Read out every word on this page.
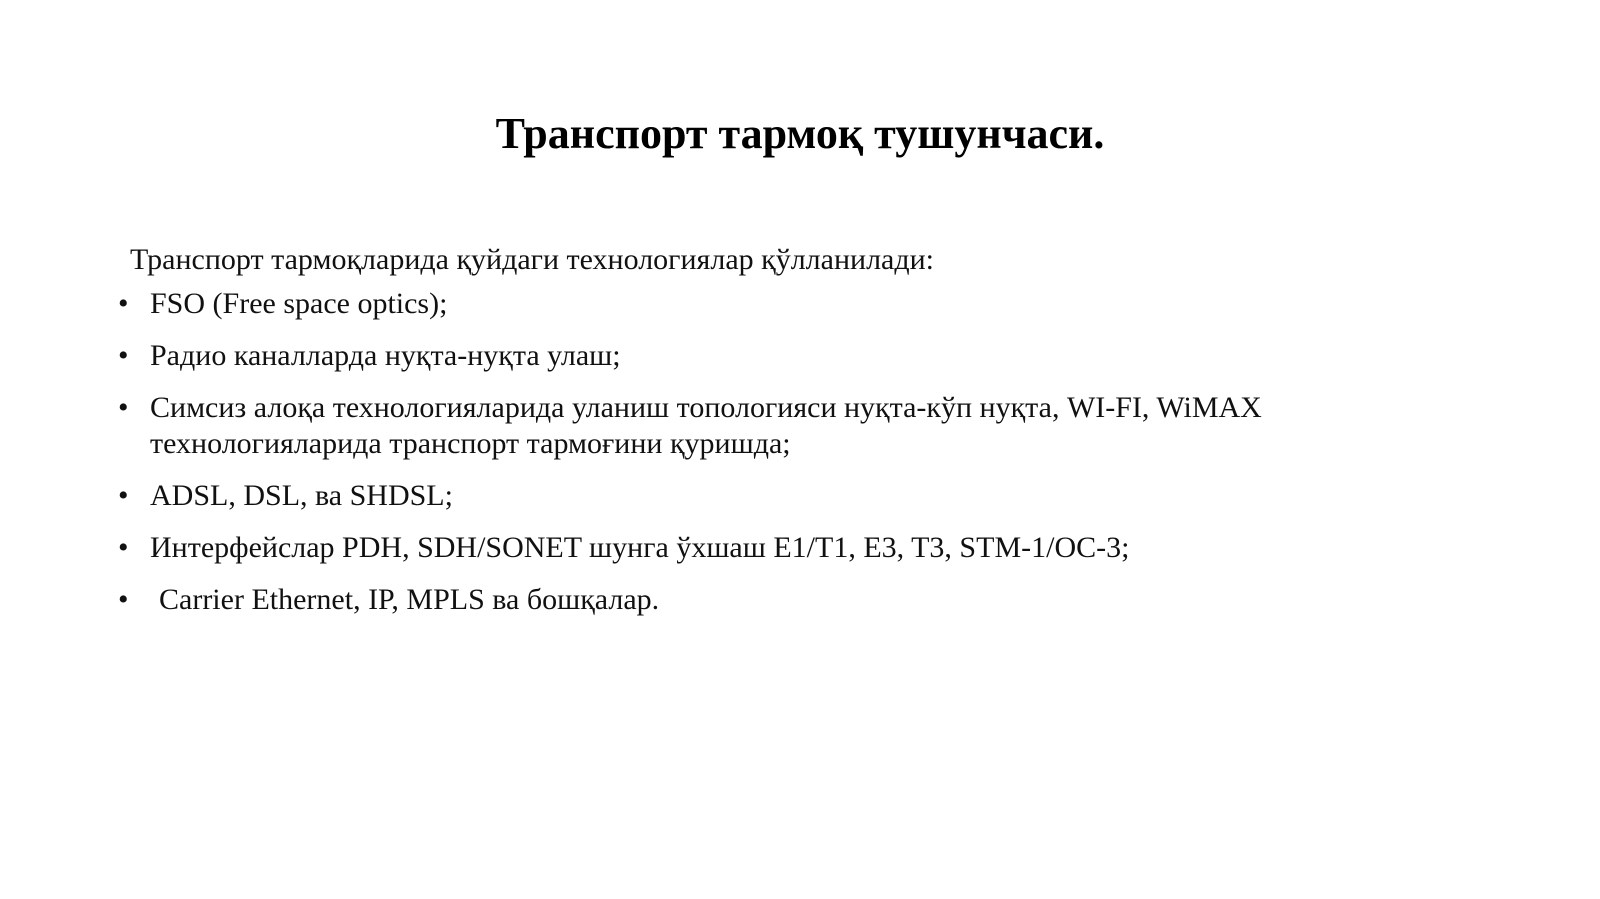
Транспорт тармоқ тушунчаси.

Транспорт тармоқларида қуйдаги технологиялар қўлланилади:

• FSO (Free space optics);
• Радио каналларда нуқта-нуқта улаш;
• Симсиз алоқа технологияларида уланиш топологияси нуқта-кўп нуқта, WI-FI, WiMAX технологияларида транспорт тармоғини қуришда;
• ADSL, DSL, ва SHDSL;
• Интерфейслар PDH, SDH/SONET шунга ўхшаш E1/T1, E3, T3, STM-1/OC-3;
•	Carrier Ethernet, IP, MPLS ва бошқалар.
